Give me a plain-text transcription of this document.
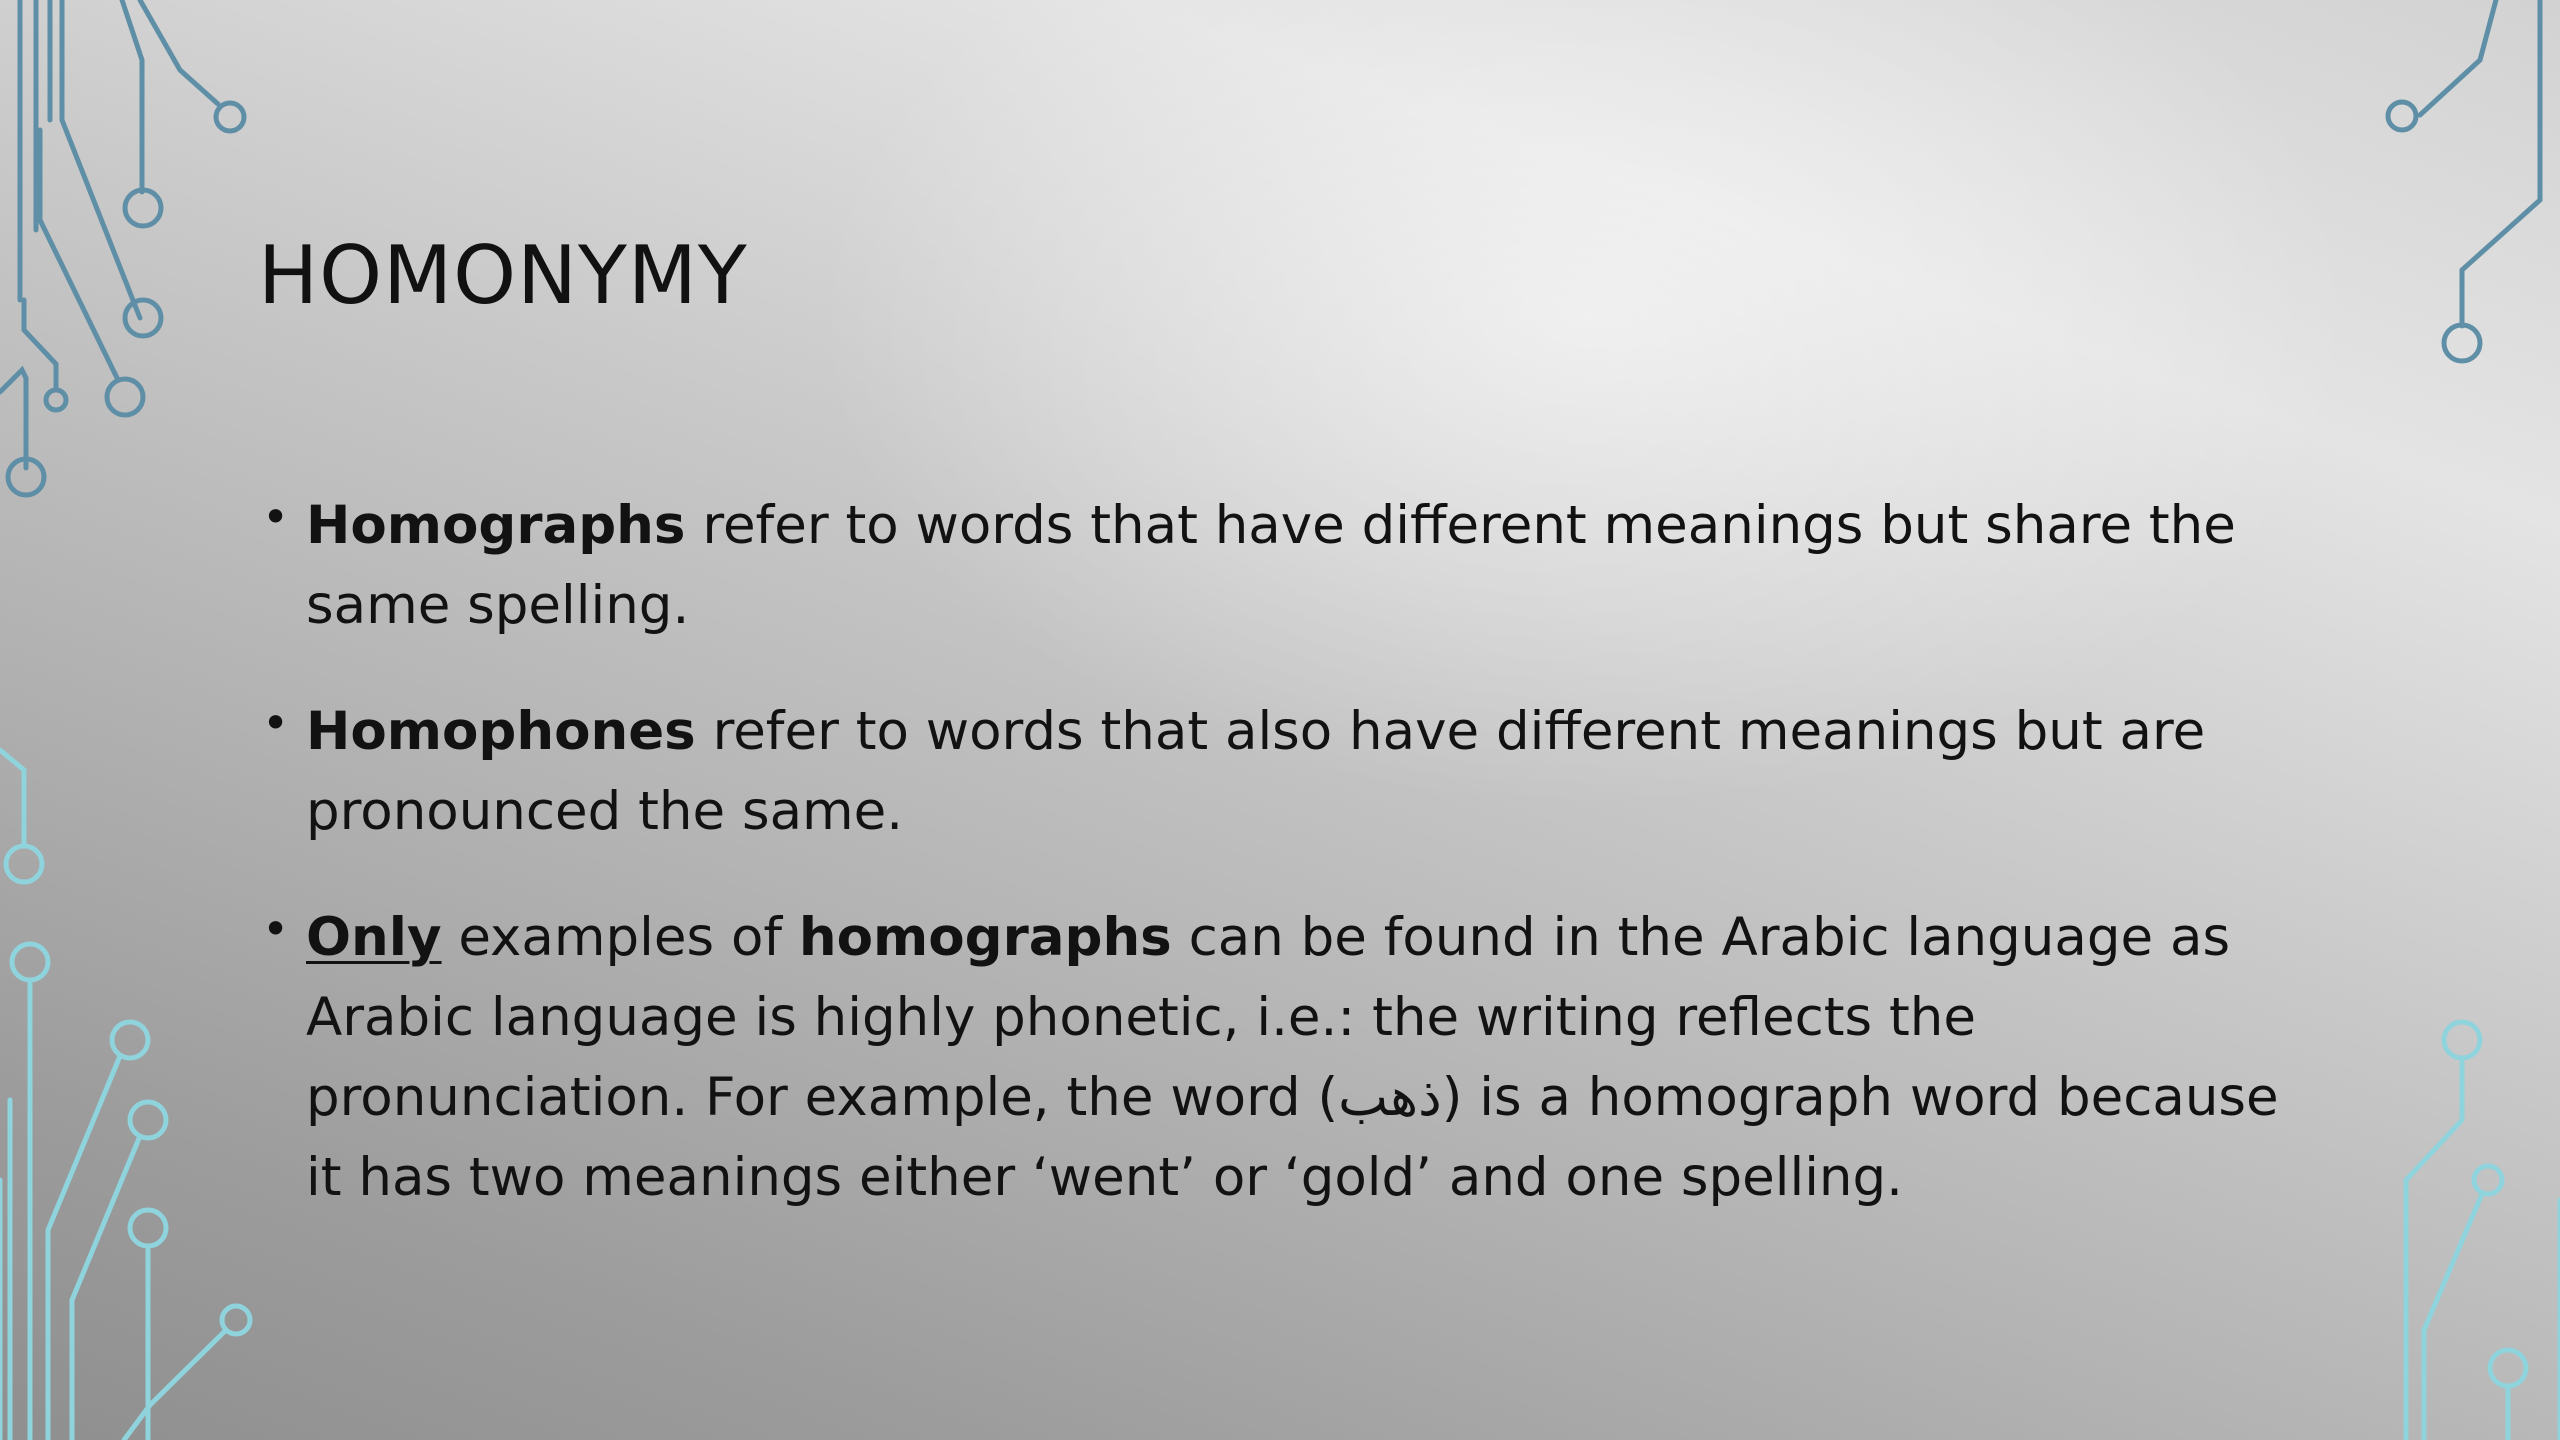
HOMONYMY
• Homographs refer to words that have different meanings but share the same spelling.
• Homophones refer to words that also have different meanings but are pronounced the same.
• Only examples of homographs can be found in the Arabic language as Arabic language is highly phonetic, i.e.: the writing reflects the pronunciation. For example, the word (ذهب) is a homograph word because it has two meanings either ‘went’ or ‘gold’ and one spelling.
